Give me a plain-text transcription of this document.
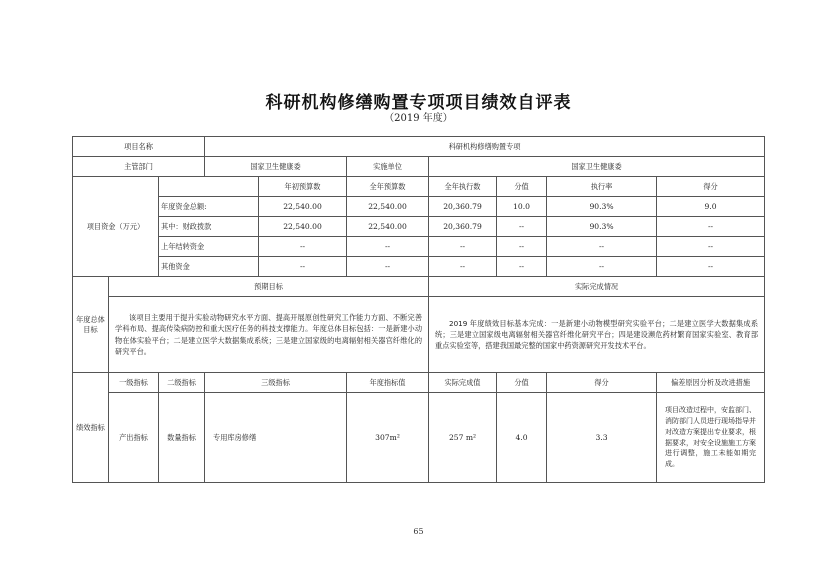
科研机构修缮购置专项项目绩效自评表
（2019 年度）
项目名称			科研机构修缮购置专项						
主管部门			国家卫生健康委		实施单位	国家卫生健康委			
项目资金（万元）				年初预算数	全年预算数	全年执行数	分值	执行率	得分
		年度资金总额:		22,540.00	22,540.00	20,360.79	10.0	90.3%	9.0
		其中：财政拨款		22,540.00	22,540.00	20,360.79	--	90.3%	--
		上年结转资金		--	--	--	--	--	--
		其他资金		--	--	--	--	--	--
年度总体目标	预期目标					实际完成情况			
	该项目主要用于提升实验动物研究水平方面、提高开展原创性研究工作能力方面、不断完善学科布局、提高传染病防控和重大医疗任务的科技支撑能力。年度总体目标包括：一是新建小动物在体实验平台；二是建立医学大数据集成系统；三是建立国家级的电离辐射相关器官纤维化的研究平台。					2019 年度绩效目标基本完成：一是新建小动物模型研究实验平台；二是建立医学大数据集成系统；三是建立国家级电离辐射相关器官纤维化研究平台；四是建设濒危药材繁育国家实验室、教育部重点实验室等，搭建我国最完整的国家中药资源研究开发技术平台。			
绩效指标	一级指标	二级指标	三级指标		年度指标值	实际完成值	分值	得分	偏差原因分析及改进措施
	产出指标	数量指标	专用库房修缮		307m²	257 m²	4.0	3.3	项目改造过程中，安监部门、消防部门人员进行现场指导并对改造方案提出专业要求，根据要求，对安全设施施工方案进行调整，施工未能如期完成。
65
